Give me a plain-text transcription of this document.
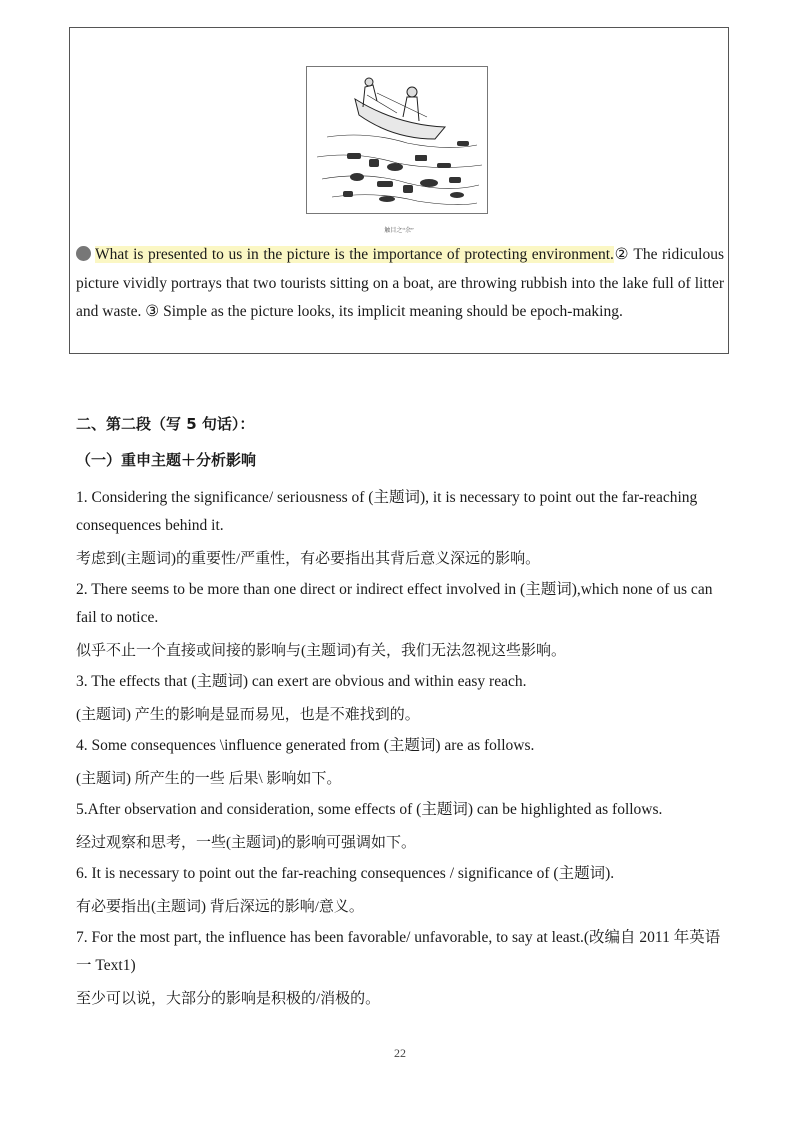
触目之“余”
What is presented to us in the picture is the importance of protecting environment.② The ridiculous picture vividly portrays that two tourists sitting on a boat, are throwing rubbish into the lake full of litter and waste. ③ Simple as the picture looks, its implicit meaning should be epoch-making.
二、第二段（写 5 句话）：
（一）重申主题＋分析影响
1. Considering the significance/ seriousness of (主题词), it is necessary to point out the far-reaching consequences behind it.
考虑到(主题词)的重要性/严重性，有必要指出其背后意义深远的影响。
2. There seems to be more than one direct or indirect effect involved in (主题词),which none of us can fail to notice.
似乎不止一个直接或间接的影响与(主题词)有关，我们无法忽视这些影响。
3. The effects that (主题词) can exert are obvious and within easy reach.
(主题词) 产生的影响是显而易见，也是不难找到的。
4. Some consequences \influence generated from (主题词) are as follows.
(主题词) 所产生的一些 后果\ 影响如下。
5.After observation and consideration, some effects of (主题词) can be highlighted as follows.
经过观察和思考，一些(主题词)的影响可强调如下。
6. It is necessary to point out the far-reaching consequences / significance of (主题词).
有必要指出(主题词) 背后深远的影响/意义。
7. For the most part, the influence has been favorable/ unfavorable, to say at least.(改编自 2011 年英语一 Text1)
至少可以说，大部分的影响是积极的/消极的。
22
